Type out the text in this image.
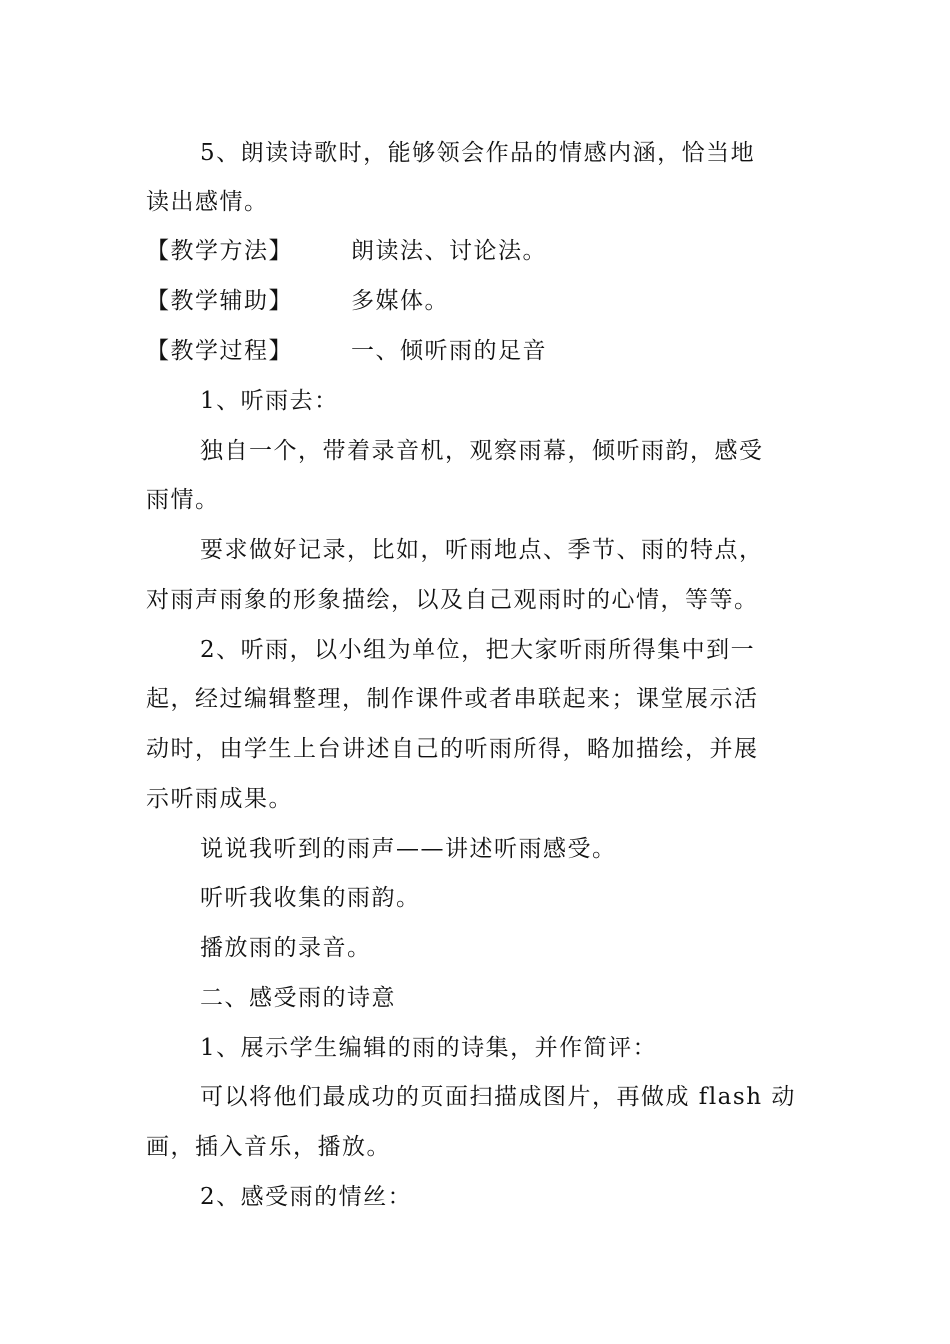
5、朗读诗歌时，能够领会作品的情感内涵，恰当地
读出感情。
【教学方法】	朗读法、讨论法。
【教学辅助】	多媒体。
【教学过程】	一、倾听雨的足音
1、听雨去：
独自一个，带着录音机，观察雨幕，倾听雨韵，感受
雨情。
要求做好记录，比如，听雨地点、季节、雨的特点，
对雨声雨象的形象描绘，以及自己观雨时的心情，等等。
2、听雨，以小组为单位，把大家听雨所得集中到一
起，经过编辑整理，制作课件或者串联起来；课堂展示活
动时，由学生上台讲述自己的听雨所得，略加描绘，并展
示听雨成果。
说说我听到的雨声——讲述听雨感受。
听听我收集的雨韵。
播放雨的录音。
二、感受雨的诗意
1、展示学生编辑的雨的诗集，并作简评：
可以将他们最成功的页面扫描成图片，再做成 flash 动
画，插入音乐，播放。
2、感受雨的情丝：
